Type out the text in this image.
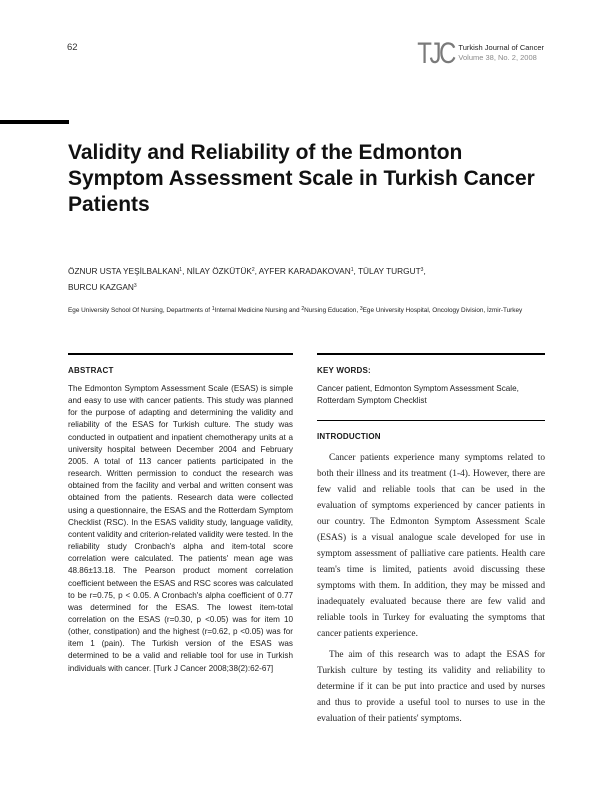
62	TJC Turkish Journal of Cancer
Volume 38, No. 2, 2008
Validity and Reliability of the Edmonton Symptom Assessment Scale in Turkish Cancer Patients
ÖZNUR USTA YEŞİLBALKAN$^1$, NİLAY ÖZKÜTÜK$^2$, AYFER KARADAKOVAN$^1$, TÜLAY TURGUT$^3$,
BURCU KAZGAN$^3$
Ege University School Of Nursing, Departments of $^1$Internal Medicine Nursing and $^2$Nursing Education, $^3$Ege University Hospital, Oncology Division, İzmir-Turkey
ABSTRACT

The Edmonton Symptom Assessment Scale (ESAS) is simple and easy to use with cancer patients. This study was planned for the purpose of adapting and determining the validity and reliability of the ESAS for Turkish culture. The study was conducted in outpatient and inpatient chemotherapy units at a university hospital between December 2004 and February 2005. A total of 113 cancer patients participated in the research. Written permission to conduct the research was obtained from the facility and verbal and written consent was obtained from the patients. Research data were collected using a questionnaire, the ESAS and the Rotterdam Symptom Checklist (RSC). In the ESAS validity study, language validity, content validity and criterion-related validity were tested. In the reliability study Cronbach's alpha and item-total score correlation were calculated. The patients' mean age was 48.86±13.18. The Pearson product moment correlation coefficient between the ESAS and RSC scores was calculated to be r=0.75, p < 0.05. A Cronbach's alpha coefficient of 0.77 was determined for the ESAS. The lowest item-total correlation on the ESAS (r=0.30, p <0.05) was for item 10 (other, constipation) and the highest (r=0.62, p <0.05) was for item 1 (pain). The Turkish version of the ESAS was determined to be a valid and reliable tool for use in Turkish individuals with cancer. [Turk J Cancer 2008;38(2):62-67]

KEY WORDS:

Cancer patient, Edmonton Symptom Assessment Scale, Rotterdam Symptom Checklist

INTRODUCTION

Cancer patients experience many symptoms related to both their illness and its treatment (1-4). However, there are few valid and reliable tools that can be used in the evaluation of symptoms experienced by cancer patients in our country. The Edmonton Symptom Assessment Scale (ESAS) is a visual analogue scale developed for use in symptom assessment of palliative care patients. Health care team's time is limited, patients avoid discussing these symptoms with them. In addition, they may be missed and inadequately evaluated because there are few valid and reliable tools in Turkey for evaluating the symptoms that cancer patients experience.

The aim of this research was to adapt the ESAS for Turkish culture by testing its validity and reliability to determine if it can be put into practice and used by nurses and thus to provide a useful tool to nurses to use in the evaluation of their patients' symptoms.
